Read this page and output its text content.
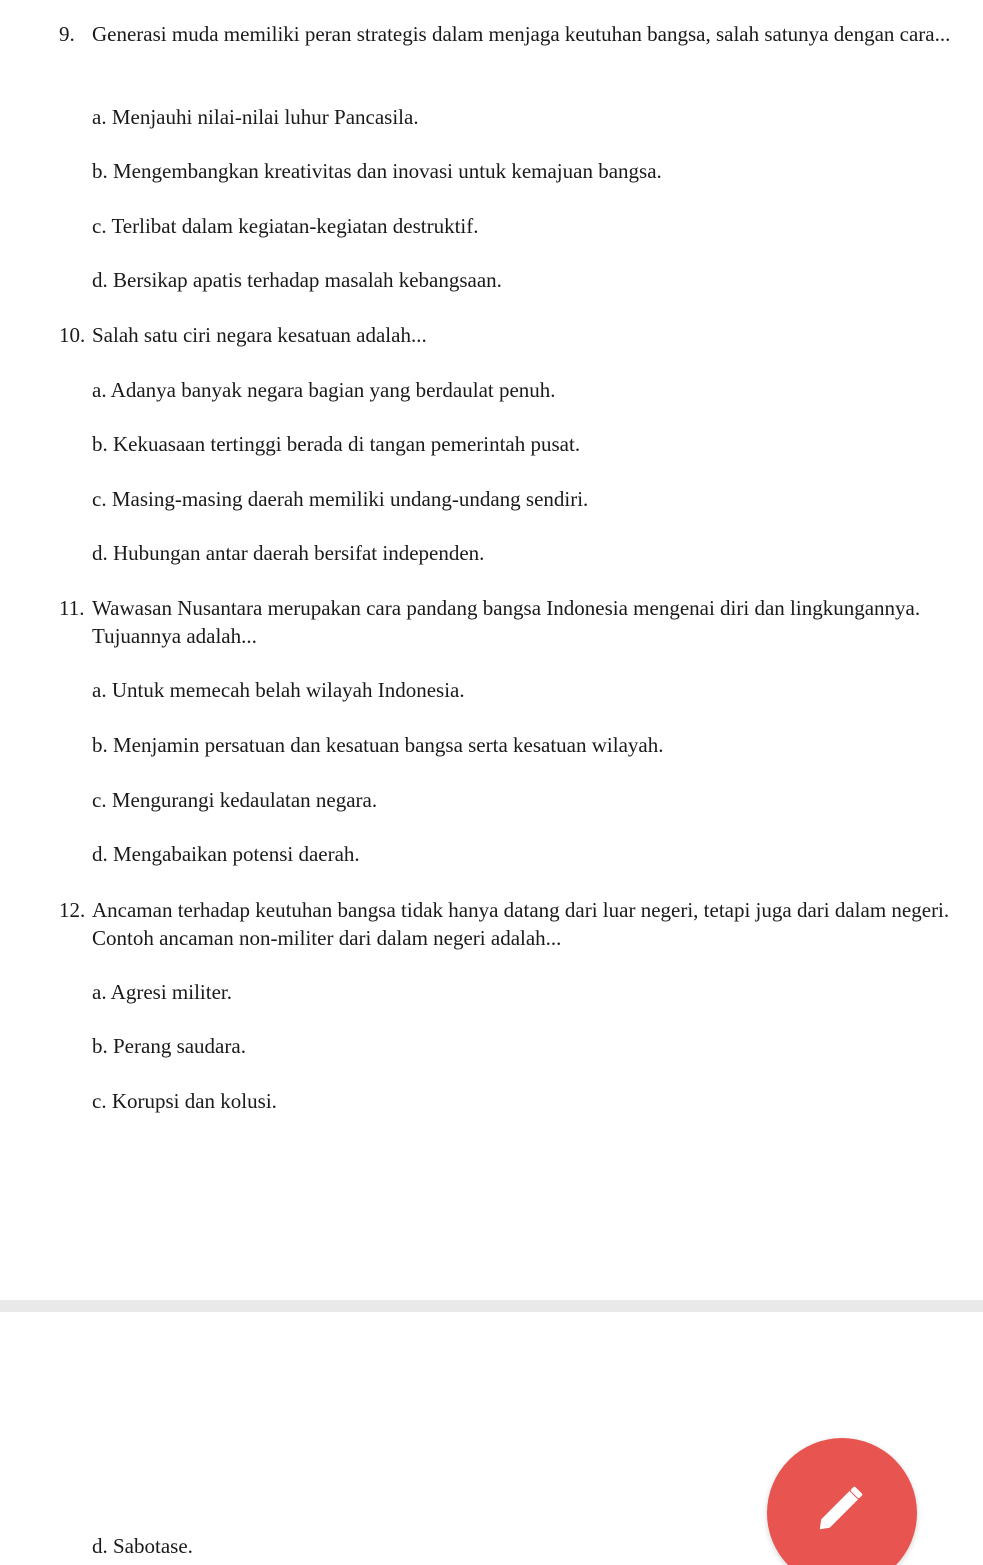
9. Generasi muda memiliki peran strategis dalam menjaga keutuhan bangsa, salah satunya dengan cara...
a. Menjauhi nilai-nilai luhur Pancasila.
b. Mengembangkan kreativitas dan inovasi untuk kemajuan bangsa.
c. Terlibat dalam kegiatan-kegiatan destruktif.
d. Bersikap apatis terhadap masalah kebangsaan.
10. Salah satu ciri negara kesatuan adalah...
a. Adanya banyak negara bagian yang berdaulat penuh.
b. Kekuasaan tertinggi berada di tangan pemerintah pusat.
c. Masing-masing daerah memiliki undang-undang sendiri.
d. Hubungan antar daerah bersifat independen.
11. Wawasan Nusantara merupakan cara pandang bangsa Indonesia mengenai diri dan lingkungannya. Tujuannya adalah...
a. Untuk memecah belah wilayah Indonesia.
b. Menjamin persatuan dan kesatuan bangsa serta kesatuan wilayah.
c. Mengurangi kedaulatan negara.
d. Mengabaikan potensi daerah.
12. Ancaman terhadap keutuhan bangsa tidak hanya datang dari luar negeri, tetapi juga dari dalam negeri. Contoh ancaman non-militer dari dalam negeri adalah...
a. Agresi militer.
b. Perang saudara.
c. Korupsi dan kolusi.
d. Sabotase.
